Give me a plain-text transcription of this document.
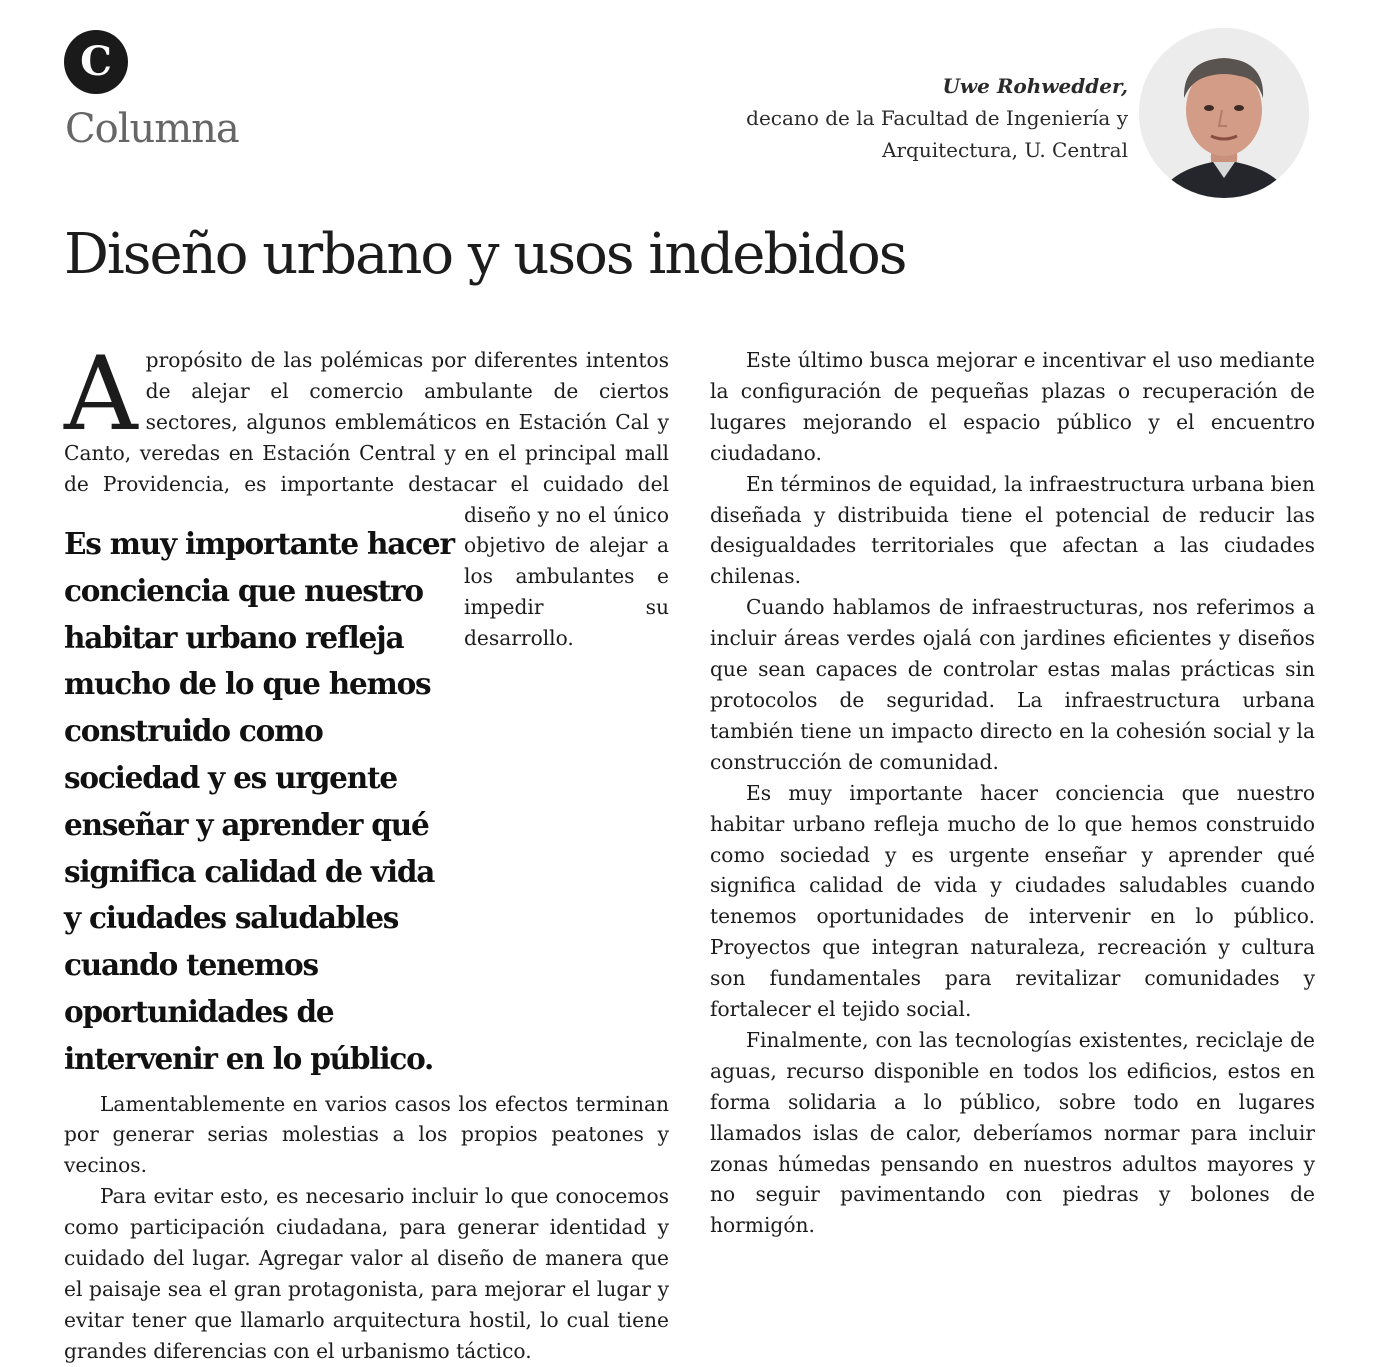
C
Columna
Uwe Rohwedder,
decano de la Facultad de Ingeniería y
Arquitectura, U. Central
Diseño urbano y usos indebidos

A propósito de las polémicas por diferentes intentos de alejar el comercio ambulante de ciertos sectores, algunos emblemáticos en Estación Cal y Canto, veredas en Estación Central y en el principal mall de Providencia, es importante destacar el cuidado del diseño y no el único objetivo de alejar a los ambulantes e impedir su desarrollo.

Lamentablemente en varios casos los efectos terminan por generar serias molestias a los propios peatones y vecinos.

Para evitar esto, es necesario incluir lo que conocemos como participación ciudadana, para generar identidad y cuidado del lugar. Agregar valor al diseño de manera que el paisaje sea el gran protagonista, para mejorar el lugar y evitar tener que llamarlo arquitectura hostil, lo cual tiene grandes diferencias con el urbanismo táctico.

Es muy importante hacer conciencia que nuestro habitar urbano refleja mucho de lo que hemos construido como sociedad y es urgente enseñar y aprender qué significa calidad de vida y ciudades saludables cuando tenemos oportunidades de intervenir en lo público.

Este último busca mejorar e incentivar el uso mediante la configuración de pequeñas plazas o recuperación de lugares mejorando el espacio público y el encuentro ciudadano.

En términos de equidad, la infraestructura urbana bien diseñada y distribuida tiene el potencial de reducir las desigualdades territoriales que afectan a las ciudades chilenas.

Cuando hablamos de infraestructuras, nos referimos a incluir áreas verdes ojalá con jardines eficientes y diseños que sean capaces de controlar estas malas prácticas sin protocolos de seguridad. La infraestructura urbana también tiene un impacto directo en la cohesión social y la construcción de comunidad.

Es muy importante hacer conciencia que nuestro habitar urbano refleja mucho de lo que hemos construido como sociedad y es urgente enseñar y aprender qué significa calidad de vida y ciudades saludables cuando tenemos oportunidades de intervenir en lo público. Proyectos que integran naturaleza, recreación y cultura son fundamentales para revitalizar comunidades y fortalecer el tejido social.

Finalmente, con las tecnologías existentes, reciclaje de aguas, recurso disponible en todos los edificios, estos en forma solidaria a lo público, sobre todo en lugares llamados islas de calor, deberíamos normar para incluir zonas húmedas pensando en nuestros adultos mayores y no seguir pavimentando con piedras y bolones de hormigón.
